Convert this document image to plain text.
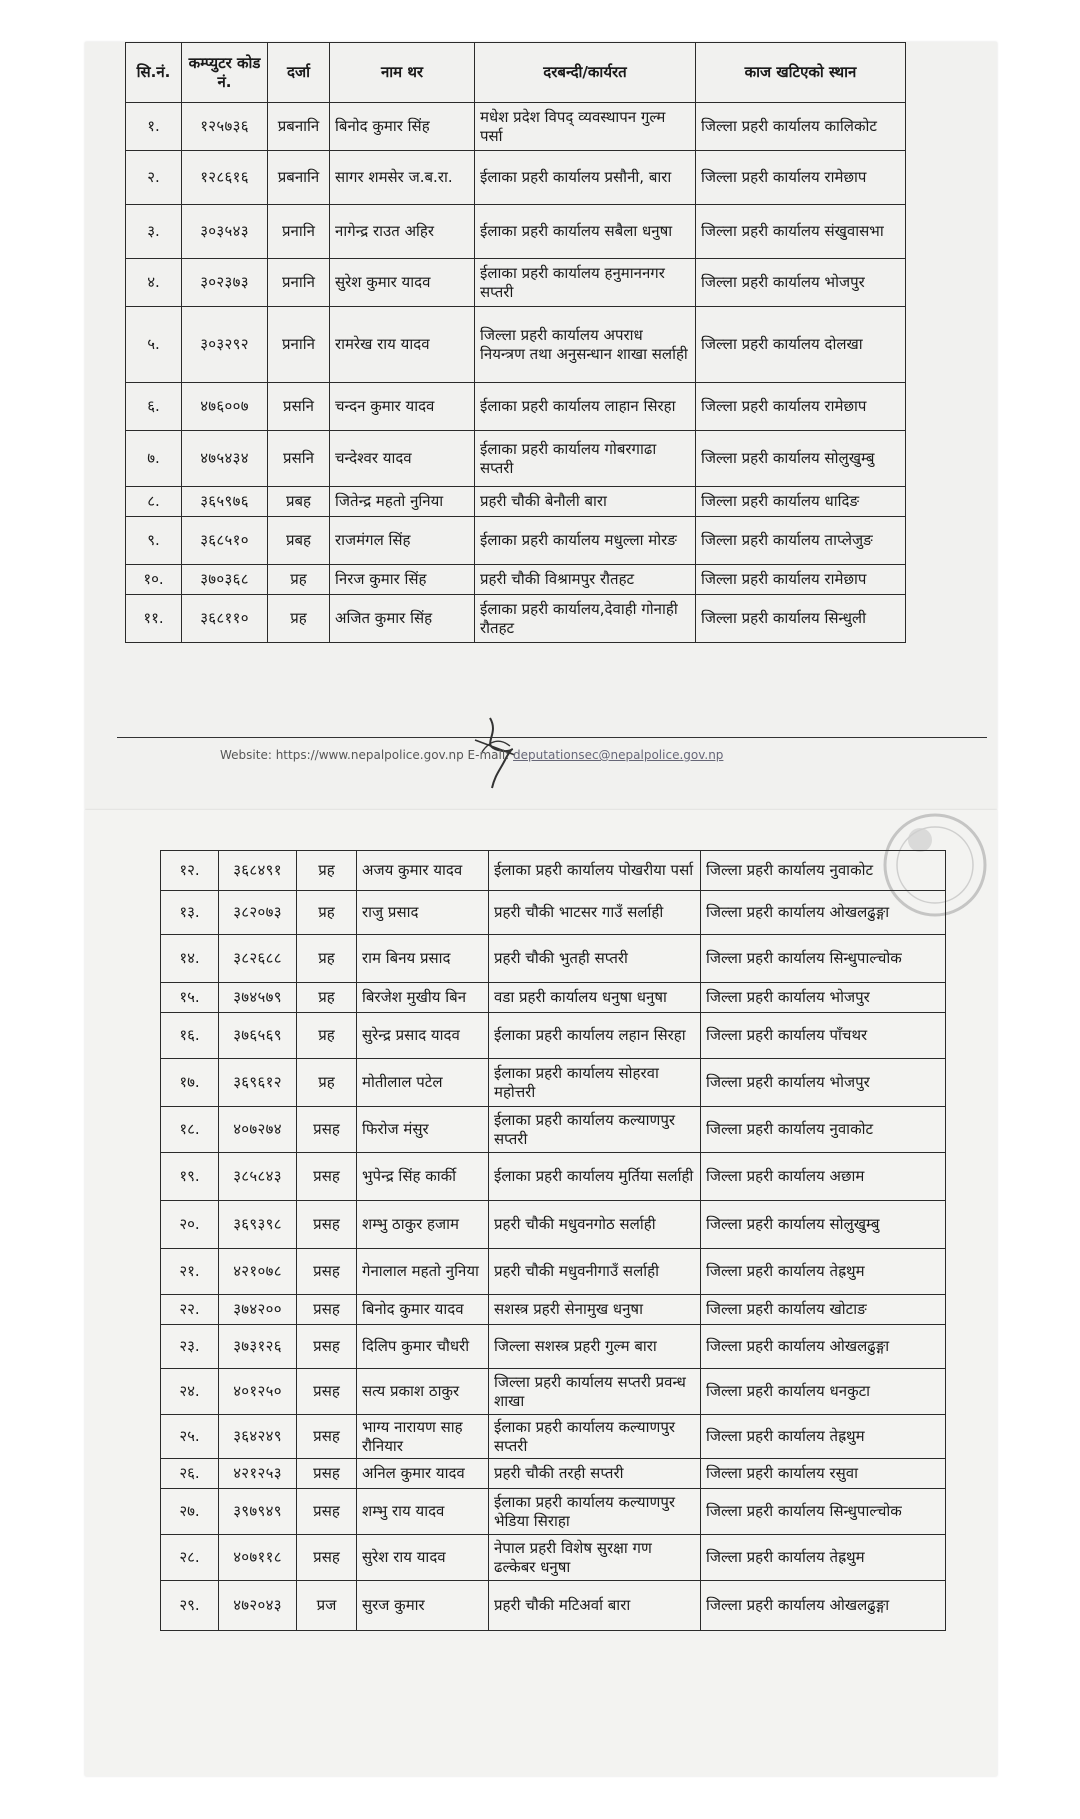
सि.नं.	कम्प्युटर कोड नं.	दर्जा	नाम थर	दरबन्दी/कार्यरत	काज खटिएको स्थान
१.	१२५७३६	प्रबनानि	बिनोद कुमार सिंह	मधेश प्रदेश विपद् व्यवस्थापन गुल्म पर्सा	जिल्ला प्रहरी कार्यालय कालिकोट
२.	१२८६१६	प्रबनानि	सागर शमसेर ज.ब.रा.	ईलाका प्रहरी कार्यालय प्रसौनी, बारा	जिल्ला प्रहरी कार्यालय रामेछाप
३.	३०३५४३	प्रनानि	नागेन्द्र राउत अहिर	ईलाका प्रहरी कार्यालय सबैला धनुषा	जिल्ला प्रहरी कार्यालय संखुवासभा
४.	३०२३७३	प्रनानि	सुरेश कुमार यादव	ईलाका प्रहरी कार्यालय हनुमाननगर सप्तरी	जिल्ला प्रहरी कार्यालय भोजपुर
५.	३०३२९२	प्रनानि	रामरेख राय यादव	जिल्ला प्रहरी कार्यालय अपराध नियन्त्रण तथा अनुसन्धान शाखा सर्लाही	जिल्ला प्रहरी कार्यालय दोलखा
६.	४७६००७	प्रसनि	चन्दन कुमार यादव	ईलाका प्रहरी कार्यालय लाहान सिरहा	जिल्ला प्रहरी कार्यालय रामेछाप
७.	४७५४३४	प्रसनि	चन्देश्वर यादव	ईलाका प्रहरी कार्यालय गोबरगाढा सप्तरी	जिल्ला प्रहरी कार्यालय सोलुखुम्बु
८.	३६५९७६	प्रबह	जितेन्द्र महतो नुनिया	प्रहरी चौकी बेनौली बारा	जिल्ला प्रहरी कार्यालय धादिङ
९.	३६८५१०	प्रबह	राजमंगल सिंह	ईलाका प्रहरी कार्यालय मधुल्ला मोरङ	जिल्ला प्रहरी कार्यालय ताप्लेजुङ
१०.	३७०३६८	प्रह	निरज कुमार सिंह	प्रहरी चौकी विश्रामपुर रौतहट	जिल्ला प्रहरी कार्यालय रामेछाप
११.	३६८११०	प्रह	अजित कुमार सिंह	ईलाका प्रहरी कार्यालय,देवाही गोनाही रौतहट	जिल्ला प्रहरी कार्यालय सिन्धुली
Website: https://www.nepalpolice.gov.np E-mail: deputationsec@nepalpolice.gov.np
१२.	३६८४९१	प्रह	अजय कुमार यादव	ईलाका प्रहरी कार्यालय पोखरीया पर्सा	जिल्ला प्रहरी कार्यालय नुवाकोट
१३.	३८२०७३	प्रह	राजु प्रसाद	प्रहरी चौकी भाटसर गाउँ सर्लाही	जिल्ला प्रहरी कार्यालय ओखलढुङ्गा
१४.	३८२६८८	प्रह	राम बिनय प्रसाद	प्रहरी चौकी भुतही सप्तरी	जिल्ला प्रहरी कार्यालय सिन्धुपाल्चोक
१५.	३७४५७९	प्रह	बिरजेश मुखीय बिन	वडा प्रहरी कार्यालय धनुषा धनुषा	जिल्ला प्रहरी कार्यालय भोजपुर
१६.	३७६५६९	प्रह	सुरेन्द्र प्रसाद यादव	ईलाका प्रहरी कार्यालय लहान सिरहा	जिल्ला प्रहरी कार्यालय पाँचथर
१७.	३६९६१२	प्रह	मोतीलाल पटेल	ईलाका प्रहरी कार्यालय सोहरवा महोत्तरी	जिल्ला प्रहरी कार्यालय भोजपुर
१८.	४०७२७४	प्रसह	फिरोज मंसुर	ईलाका प्रहरी कार्यालय कल्याणपुर सप्तरी	जिल्ला प्रहरी कार्यालय नुवाकोट
१९.	३८५८४३	प्रसह	भुपेन्द्र सिंह कार्की	ईलाका प्रहरी कार्यालय मुर्तिया सर्लाही	जिल्ला प्रहरी कार्यालय अछाम
२०.	३६९३९८	प्रसह	शम्भु ठाकुर हजाम	प्रहरी चौकी मधुवनगोठ सर्लाही	जिल्ला प्रहरी कार्यालय सोलुखुम्बु
२१.	४२१०७८	प्रसह	गेनालाल महतो नुनिया	प्रहरी चौकी मधुवनीगाउँ सर्लाही	जिल्ला प्रहरी कार्यालय तेह्रथुम
२२.	३७४२००	प्रसह	बिनोद कुमार यादव	सशस्त्र प्रहरी सेनामुख धनुषा	जिल्ला प्रहरी कार्यालय खोटाङ
२३.	३७३१२६	प्रसह	दिलिप कुमार चौधरी	जिल्ला सशस्त्र प्रहरी गुल्म बारा	जिल्ला प्रहरी कार्यालय ओखलढुङ्गा
२४.	४०१२५०	प्रसह	सत्य प्रकाश ठाकुर	जिल्ला प्रहरी कार्यालय सप्तरी प्रवन्ध शाखा	जिल्ला प्रहरी कार्यालय धनकुटा
२५.	३६४२४९	प्रसह	भाग्य नारायण साह रौनियार	ईलाका प्रहरी कार्यालय कल्याणपुर सप्तरी	जिल्ला प्रहरी कार्यालय तेह्रथुम
२६.	४२१२५३	प्रसह	अनिल कुमार यादव	प्रहरी चौकी तरही सप्तरी	जिल्ला प्रहरी कार्यालय रसुवा
२७.	३९७९४९	प्रसह	शम्भु राय यादव	ईलाका प्रहरी कार्यालय कल्याणपुर भेडिया सिराहा	जिल्ला प्रहरी कार्यालय सिन्धुपाल्चोक
२८.	४०७११८	प्रसह	सुरेश राय यादव	नेपाल प्रहरी विशेष सुरक्षा गण ढल्केबर धनुषा	जिल्ला प्रहरी कार्यालय तेह्रथुम
२९.	४७२०४३	प्रज	सुरज कुमार	प्रहरी चौकी मटिअर्वा बारा	जिल्ला प्रहरी कार्यालय ओखलढुङ्गा
